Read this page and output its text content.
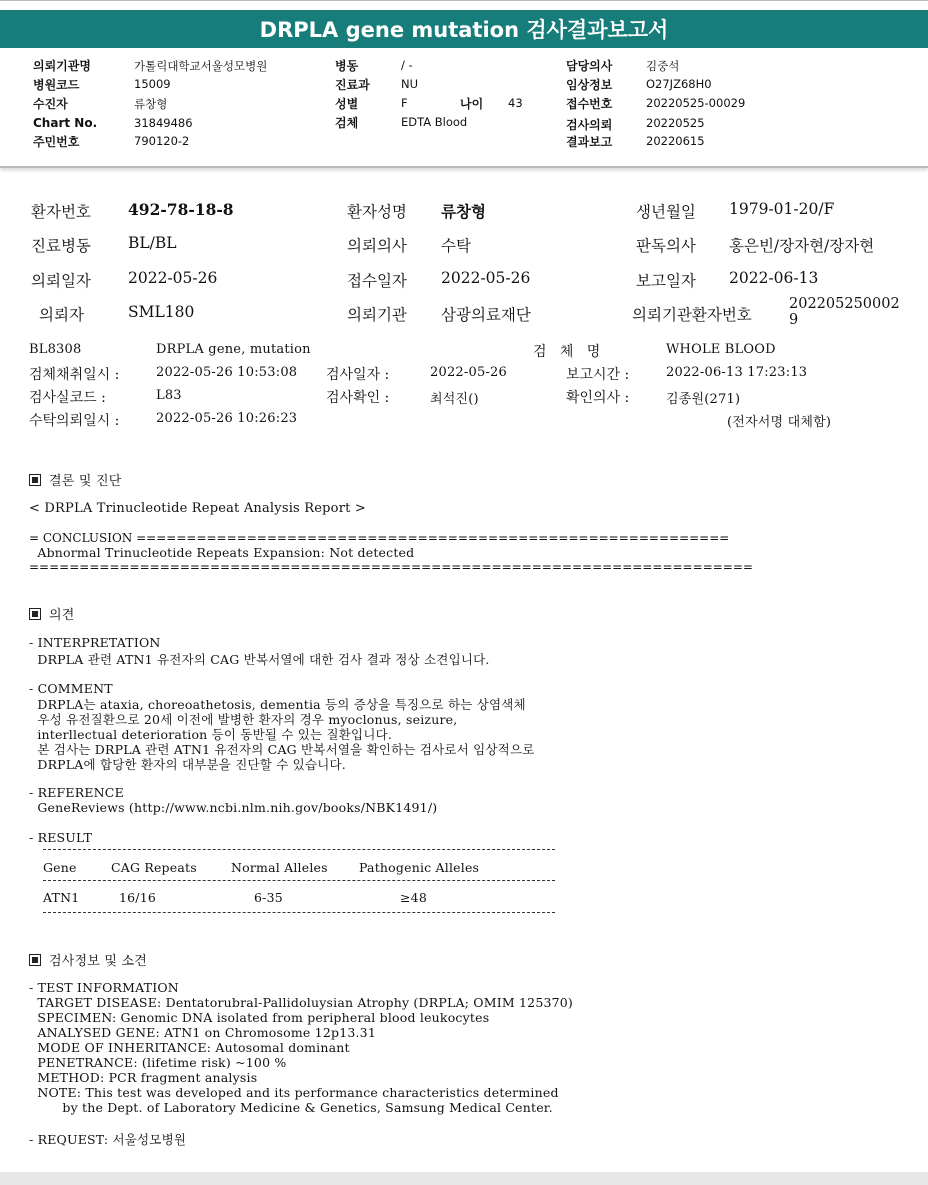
DRPLA gene mutation 검사결과보고서
의뢰기관명	가톨릭대학교서울성모병원
병원코드	15009
수진자	류창형
Chart No.	31849486
주민번호	790120-2
병동	/ -
진료과	NU
성별	F	나이 43
검체	EDTA Blood
담당의사	김중석
임상정보	O27JZ68H0
접수번호	20220525-00029
검사의뢰	20220525
결과보고	20220615
환자번호 492-78-18-8	환자성명 류창형	생년월일 1979-01-20/F
진료병동 BL/BL	의뢰의사 수탁	판독의사 홍은빈/장자현/장자현
의뢰일자 2022-05-26	접수일자 2022-05-26	보고일자 2022-06-13
의뢰자	SML180	의뢰기관 삼광의료재단	의뢰기관환자번호
202205250002
9
BL8308	DRPLA gene, mutation	검   체   명	WHOLE BLOOD
검체채취일시 :	2022-05-26 10:53:08 검사일자 :	2022-05-26	보고시간 :	2022-06-13 17:23:13
검사실코드 :	L83	검사확인 :	최석진()	확인의사 :	김종원(271)
수탁의뢰일시 :	2022-05-26 10:26:23	(전자서명 대체함)
결론 및 진단
< DRPLA Trinucleotide Repeat Analysis Report >
= CONCLUSION ===========================================================
Abnormal Trinucleotide Repeats Expansion: Not detected
========================================================================
의견
- INTERPRETATION
DRPLA 관련 ATN1 유전자의 CAG 반복서열에 대한 검사 결과 정상 소견입니다.
- COMMENT
DRPLA는 ataxia, choreoathetosis, dementia 등의 증상을 특징으로 하는 상염색체
우성 유전질환으로 20세 이전에 발병한 환자의 경우 myoclonus, seizure,
interllectual deterioration 등이 동반될 수 있는 질환입니다.
본 검사는 DRPLA 관련 ATN1 유전자의 CAG 반복서열을 확인하는 검사로서 임상적으로
DRPLA에 합당한 환자의 대부분을 진단할 수 있습니다.
- REFERENCE
GeneReviews (http://www.ncbi.nlm.nih.gov/books/NBK1491/)
- RESULT
Gene	CAG Repeats	Normal Alleles	Pathogenic Alleles
ATN1	16/16	6-35	≥48
검사정보 및 소견
- TEST INFORMATION
TARGET DISEASE: Dentatorubral-Pallidoluysian Atrophy (DRPLA; OMIM 125370)
SPECIMEN: Genomic DNA isolated from peripheral blood leukocytes
ANALYSED GENE: ATN1 on Chromosome 12p13.31
MODE OF INHERITANCE: Autosomal dominant
PENETRANCE: (lifetime risk) ~100 %
METHOD: PCR fragment analysis
NOTE: This test was developed and its performance characteristics determined
by the Dept. of Laboratory Medicine & Genetics, Samsung Medical Center.
- REQUEST: 서울성모병원
